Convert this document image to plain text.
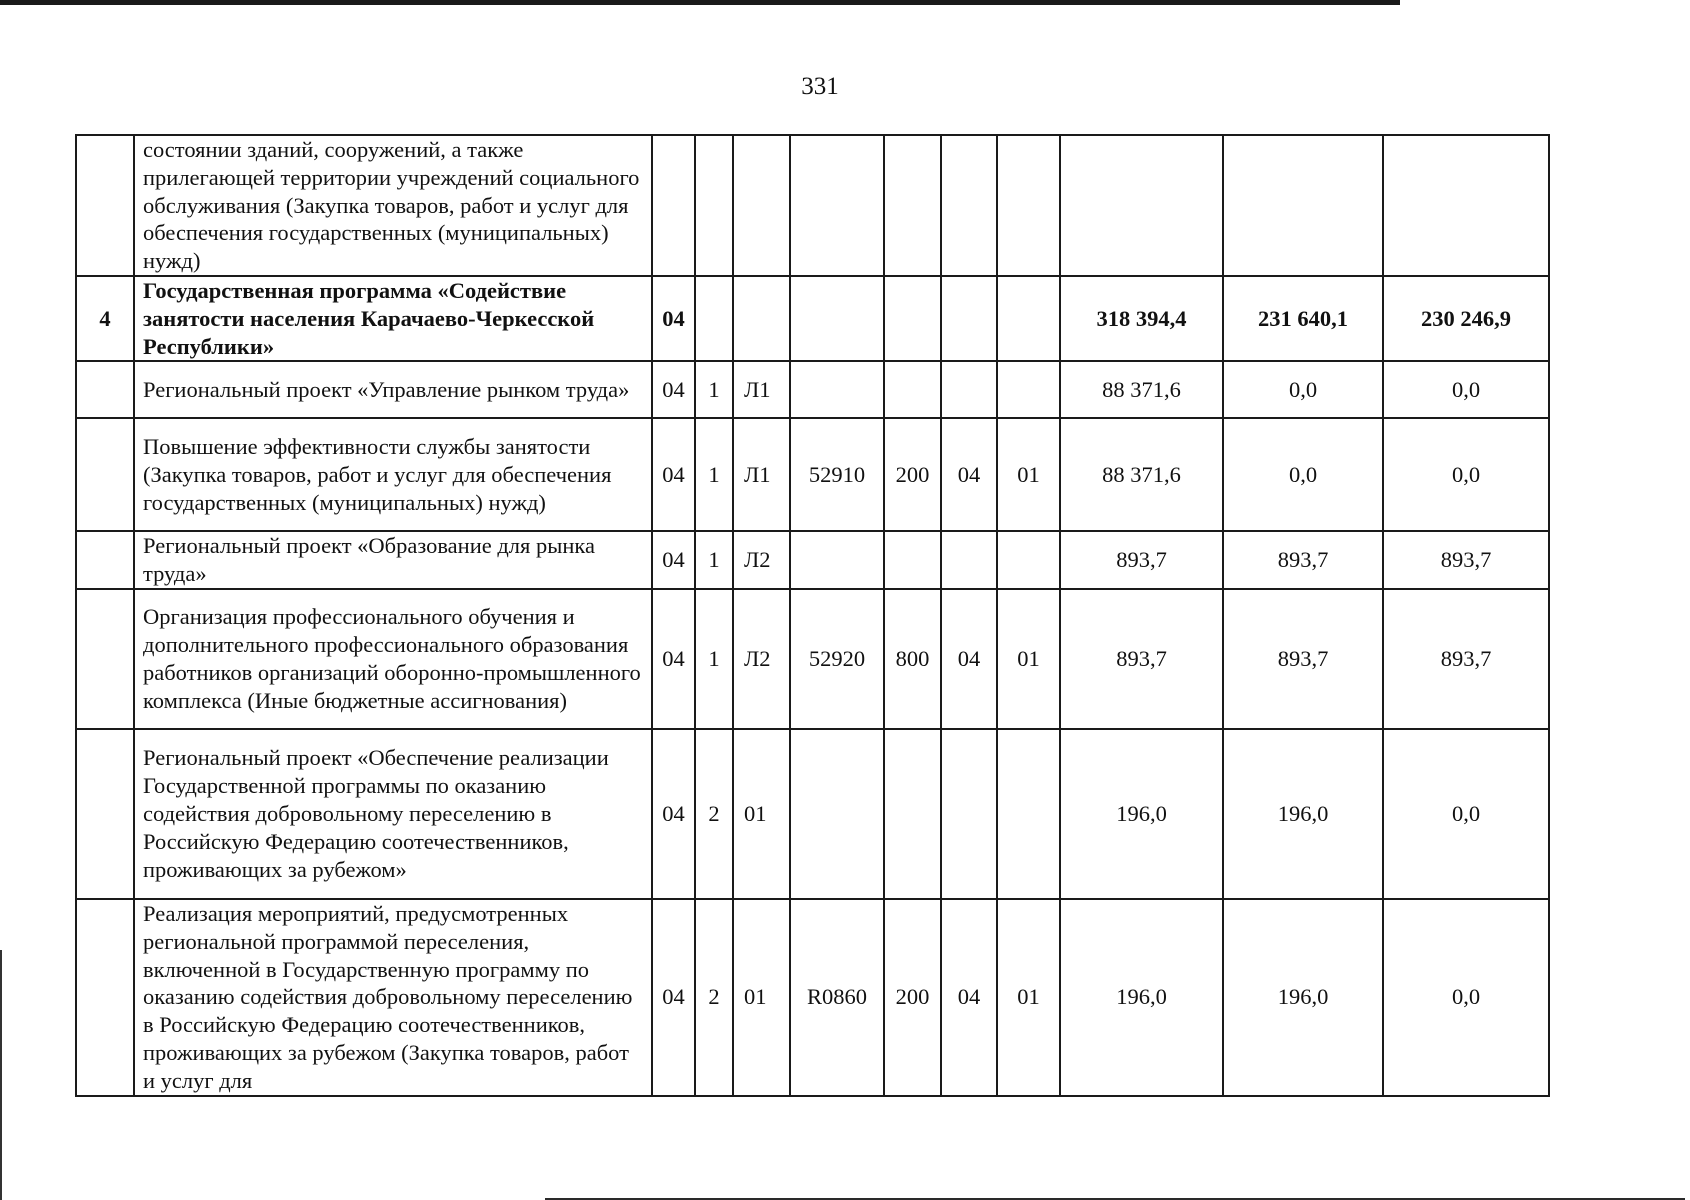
331
	состоянии зданий, сооружений, а также прилегающей территории учреждений социального обслуживания (Закупка товаров, работ и услуг для обеспечения государственных (муниципальных) нужд)										
4	Государственная программа «Содействие занятости населения Карачаево-Черкесской Республики»	04							318 394,4	231 640,1	230 246,9
	Региональный проект «Управление рынком труда»	04	1	Л1					88 371,6	0,0	0,0
	Повышение эффективности службы занятости (Закупка товаров, работ и услуг для обеспечения государственных (муниципальных) нужд)	04	1	Л1	52910	200	04	01	88 371,6	0,0	0,0
	Региональный проект «Образование для рынка труда»	04	1	Л2					893,7	893,7	893,7
	Организация профессионального обучения и дополнительного профессионального образования работников организаций оборонно-промышленного комплекса (Иные бюджетные ассигнования)	04	1	Л2	52920	800	04	01	893,7	893,7	893,7
	Региональный проект «Обеспечение реализации Государственной программы по оказанию содействия добровольному переселению в Российскую Федерацию соотечественников, проживающих за рубежом»	04	2	01					196,0	196,0	0,0
	Реализация мероприятий, предусмотренных региональной программой переселения, включенной в Государственную программу по оказанию содействия добровольному переселению в Российскую Федерацию соотечественников, проживающих за рубежом (Закупка товаров, работ и услуг для	04	2	01	R0860	200	04	01	196,0	196,0	0,0
